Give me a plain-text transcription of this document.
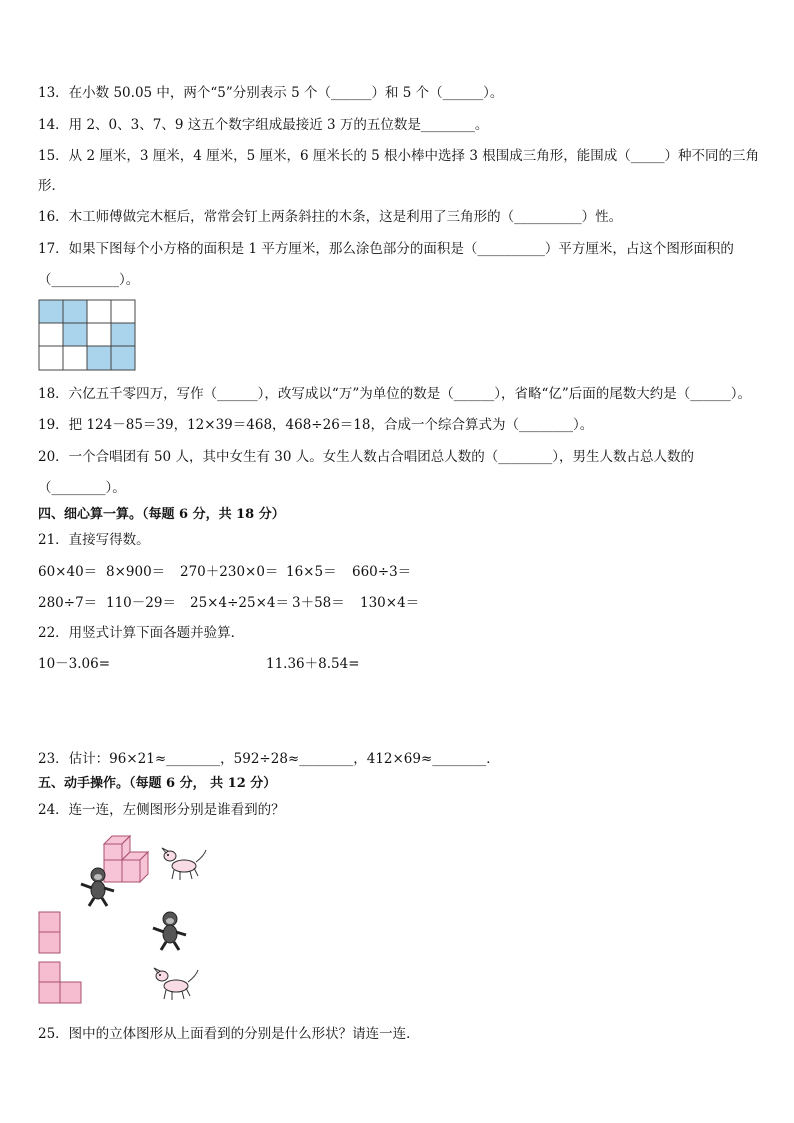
13．在小数 50.05 中，两个“5”分别表示 5 个（______）和 5 个（______）。
14．用 2、0、3、7、9 这五个数字组成最接近 3 万的五位数是________。
15．从 2 厘米，3 厘米，4 厘米，5 厘米，6 厘米长的 5 根小棒中选择 3 根围成三角形，能围成（_____）种不同的三角
形．
16．木工师傅做完木框后，常常会钉上两条斜拄的木条，这是利用了三角形的（__________）性。
17．如果下图每个小方格的面积是 1 平方厘米，那么涂色部分的面积是（__________）平方厘米，占这个图形面积的
（__________）。
18．六亿五千零四万，写作（______），改写成以“万”为单位的数是（______），省略“亿”后面的尾数大约是（______）。
19．把 124－85＝39，12×39＝468，468÷26＝18，合成一个综合算式为（________）。
20．一个合唱团有 50 人，其中女生有 30 人。女生人数占合唱团总人数的（________），男生人数占总人数的
（________）。
四、细心算一算。（每题 6 分，共 18 分）
21．直接写得数。
60×40＝ 8×900＝ 270＋230×0＝ 16×5＝ 660÷3＝
280÷7＝ 110－29＝ 25×4÷25×4＝ 3＋58＝ 130×4＝
22．用竖式计算下面各题并验算．
10－3.06=	11.36＋8.54=
23．估计：96×21≈________，592÷28≈________，412×69≈________．
五、动手操作。（每题 6 分， 共 12 分）
24．连一连，左侧图形分别是谁看到的？
25．图中的立体图形从上面看到的分别是什么形状？请连一连．
